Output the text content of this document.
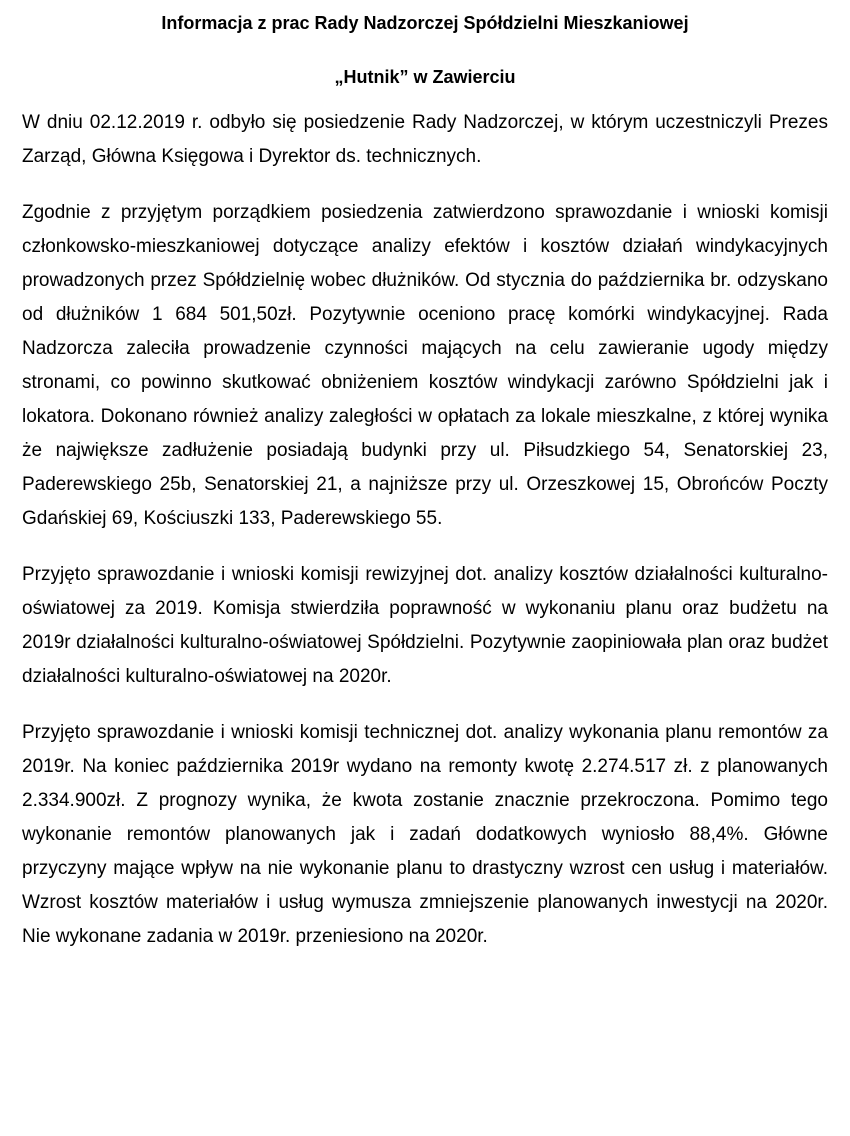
Informacja z prac Rady Nadzorczej Spółdzielni Mieszkaniowej
„Hutnik” w Zawierciu

W dniu 02.12.2019 r. odbyło się posiedzenie Rady Nadzorczej, w którym uczestniczyli Prezes Zarząd, Główna Księgowa i Dyrektor ds. technicznych.

Zgodnie z przyjętym porządkiem posiedzenia zatwierdzono sprawozdanie i wnioski komisji członkowsko-mieszkaniowej dotyczące analizy efektów i kosztów działań windykacyjnych prowadzonych przez Spółdzielnię wobec dłużników. Od stycznia do października br. odzyskano od dłużników 1 684 501,50zł. Pozytywnie oceniono pracę komórki windykacyjnej. Rada Nadzorcza zaleciła prowadzenie czynności mających na celu zawieranie ugody między stronami, co powinno skutkować obniżeniem kosztów windykacji zarówno Spółdzielni jak i lokatora. Dokonano również analizy zaległości w opłatach za lokale mieszkalne, z której wynika że największe zadłużenie posiadają budynki przy ul. Piłsudzkiego 54, Senatorskiej 23, Paderewskiego 25b, Senatorskiej 21, a najniższe przy ul. Orzeszkowej 15, Obrońców Poczty Gdańskiej 69, Kościuszki 133, Paderewskiego 55.

Przyjęto sprawozdanie i wnioski komisji rewizyjnej dot. analizy kosztów działalności kulturalno-oświatowej za 2019. Komisja stwierdziła poprawność w wykonaniu planu oraz budżetu na 2019r działalności kulturalno-oświatowej Spółdzielni. Pozytywnie zaopiniowała plan oraz budżet działalności kulturalno-oświatowej na 2020r.

Przyjęto sprawozdanie i wnioski komisji technicznej dot. analizy wykonania planu remontów za 2019r. Na koniec października 2019r wydano na remonty kwotę 2.274.517 zł. z planowanych 2.334.900zł. Z prognozy wynika, że kwota zostanie znacznie przekroczona. Pomimo tego wykonanie remontów planowanych jak i zadań dodatkowych wyniosło 88,4%. Główne przyczyny mające wpływ na nie wykonanie planu to drastyczny wzrost cen usług i materiałów. Wzrost kosztów materiałów i usług wymusza zmniejszenie planowanych inwestycji na 2020r. Nie wykonane zadania w 2019r. przeniesiono na 2020r.
